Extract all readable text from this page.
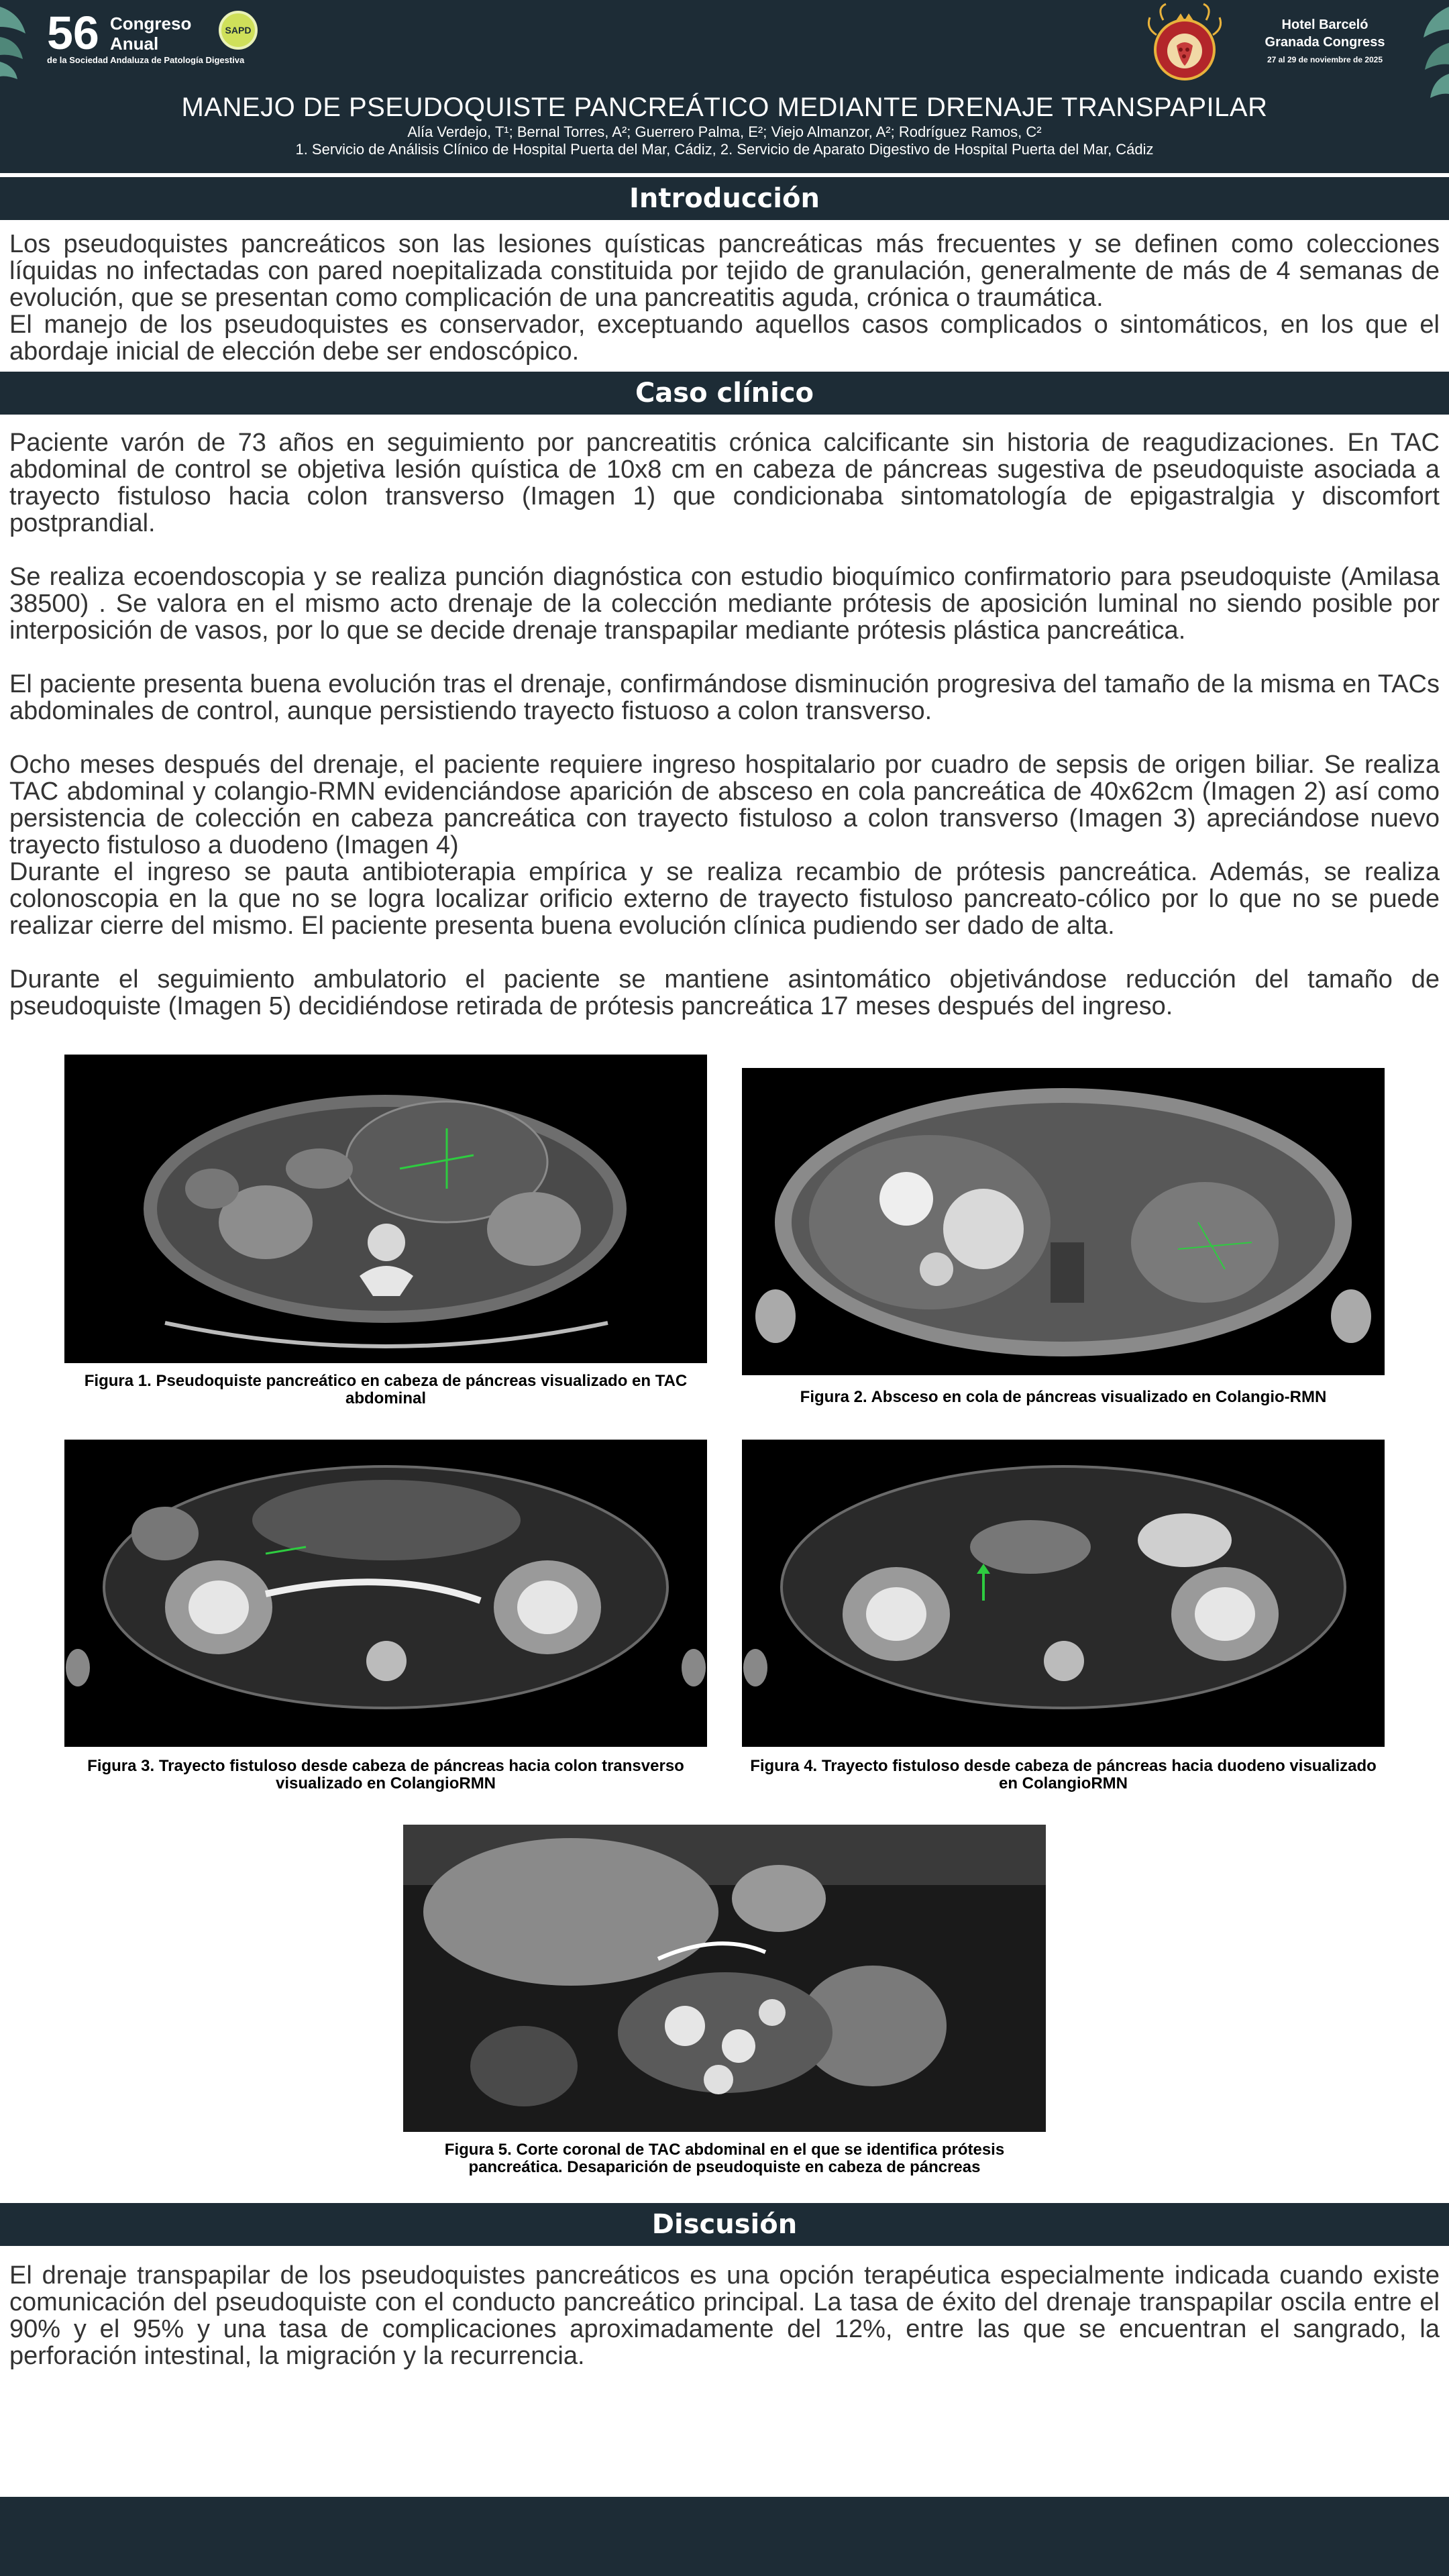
56 Congreso
Anual
SAPD
de la Sociedad Andaluza de Patología Digestiva
Hotel Barceló
Granada Congress
27 al 29 de noviembre de 2025
MANEJO DE PSEUDOQUISTE PANCREÁTICO MEDIANTE DRENAJE TRANSPAPILAR
Alía Verdejo, T¹; Bernal Torres, A²; Guerrero Palma, E²; Viejo Almanzor, A²; Rodríguez Ramos, C²
1. Servicio de Análisis Clínico de Hospital Puerta del Mar, Cádiz, 2. Servicio de Aparato Digestivo de Hospital Puerta del Mar, Cádiz
Introducción

Los pseudoquistes pancreáticos son las lesiones quísticas pancreáticas más frecuentes y se definen como colecciones líquidas no infectadas con pared noepitalizada constituida por tejido de granulación, generalmente de más de 4 semanas de evolución, que se presentan como complicación de una pancreatitis aguda, crónica o traumática.

El manejo de los pseudoquistes es conservador, exceptuando aquellos casos complicados o sintomáticos, en los que el abordaje inicial de elección debe ser endoscópico.

Caso clínico

Paciente varón de 73 años en seguimiento por pancreatitis crónica calcificante sin historia de reagudizaciones. En TAC abdominal de control se objetiva lesión quística de 10x8 cm en cabeza de páncreas sugestiva de pseudoquiste asociada a trayecto fistuloso hacia colon transverso (Imagen 1) que condicionaba sintomatología de epigastralgia y discomfort postprandial.

Se realiza ecoendoscopia y se realiza punción diagnóstica con estudio bioquímico confirmatorio para pseudoquiste (Amilasa 38500) . Se valora en el mismo acto drenaje de la colección mediante prótesis de aposición luminal no siendo posible por interposición de vasos, por lo que se decide drenaje transpapilar mediante prótesis plástica pancreática.

El paciente presenta buena evolución tras el drenaje, confirmándose disminución progresiva del tamaño de la misma en TACs abdominales de control, aunque persistiendo trayecto fistuoso a colon transverso.

Ocho meses después del drenaje, el paciente requiere ingreso hospitalario por cuadro de sepsis de origen biliar. Se realiza TAC abdominal y colangio-RMN evidenciándose aparición de absceso en cola pancreática de 40x62cm (Imagen 2) así como persistencia de colección en cabeza pancreática con trayecto fistuloso a colon transverso (Imagen 3) apreciándose nuevo trayecto fistuloso a duodeno (Imagen 4)

Durante el ingreso se pauta antibioterapia empírica y se realiza recambio de prótesis pancreática. Además, se realiza colonoscopia en la que no se logra localizar orificio externo de trayecto fistuloso pancreato-cólico por lo que no se puede realizar cierre del mismo. El paciente presenta buena evolución clínica pudiendo ser dado de alta.

Durante el seguimiento ambulatorio el paciente se mantiene asintomático objetivándose reducción del tamaño de pseudoquiste (Imagen 5) decidiéndose retirada de prótesis pancreática 17 meses después del ingreso.

Figura 1. Pseudoquiste pancreático en cabeza de páncreas visualizado en TAC abdominal	Figura 2. Absceso en cola de páncreas visualizado en Colangio-RMN
Figura 3. Trayecto fistuloso desde cabeza de páncreas hacia colon transverso visualizado en ColangioRMN
Figura 4. Trayecto fistuloso desde cabeza de páncreas hacia duodeno visualizado en ColangioRMN
Figura 5. Corte coronal de TAC abdominal en el que se identifica prótesis pancreática. Desaparición de pseudoquiste en cabeza de páncreas
Discusión

El drenaje transpapilar de los pseudoquistes pancreáticos es una opción terapéutica especialmente indicada cuando existe comunicación del pseudoquiste con el conducto pancreático principal. La tasa de éxito del drenaje transpapilar oscila entre el 90% y el 95% y una tasa de complicaciones aproximadamente del 12%, entre las que se encuentran el sangrado, la perforación intestinal, la migración y la recurrencia.
